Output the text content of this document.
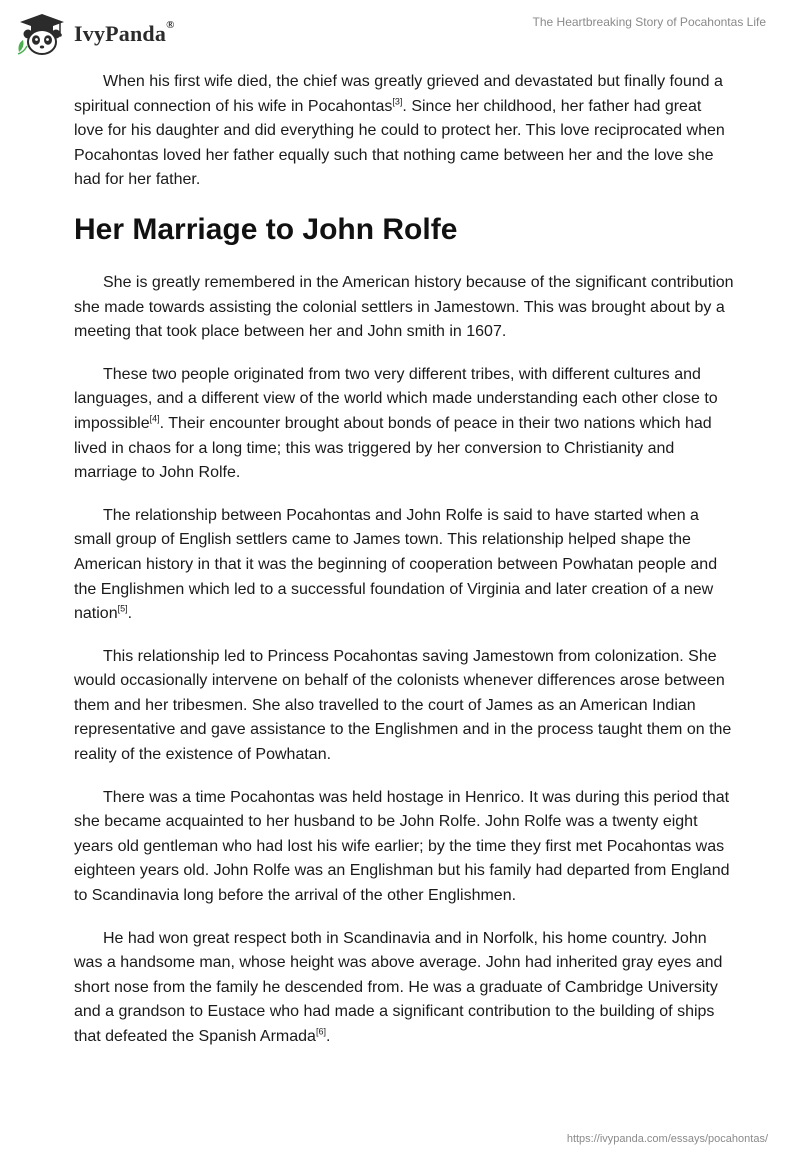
IvyPanda®	The Heartbreaking Story of Pocahontas Life

When his first wife died, the chief was greatly grieved and devastated but finally found a spiritual connection of his wife in Pocahontas[3]. Since her childhood, her father had great love for his daughter and did everything he could to protect her. This love reciprocated when Pocahontas loved her father equally such that nothing came between her and the love she had for her father.

Her Marriage to John Rolfe

She is greatly remembered in the American history because of the significant contribution she made towards assisting the colonial settlers in Jamestown. This was brought about by a meeting that took place between her and John smith in 1607.

These two people originated from two very different tribes, with different cultures and languages, and a different view of the world which made understanding each other close to impossible[4]. Their encounter brought about bonds of peace in their two nations which had lived in chaos for a long time; this was triggered by her conversion to Christianity and marriage to John Rolfe.

The relationship between Pocahontas and John Rolfe is said to have started when a small group of English settlers came to James town. This relationship helped shape the American history in that it was the beginning of cooperation between Powhatan people and the Englishmen which led to a successful foundation of Virginia and later creation of a new nation[5].

This relationship led to Princess Pocahontas saving Jamestown from colonization. She would occasionally intervene on behalf of the colonists whenever differences arose between them and her tribesmen. She also travelled to the court of James as an American Indian representative and gave assistance to the Englishmen and in the process taught them on the reality of the existence of Powhatan.

There was a time Pocahontas was held hostage in Henrico. It was during this period that she became acquainted to her husband to be John Rolfe. John Rolfe was a twenty eight years old gentleman who had lost his wife earlier; by the time they first met Pocahontas was eighteen years old. John Rolfe was an Englishman but his family had departed from England to Scandinavia long before the arrival of the other Englishmen.

He had won great respect both in Scandinavia and in Norfolk, his home country. John was a handsome man, whose height was above average. John had inherited gray eyes and short nose from the family he descended from. He was a graduate of Cambridge University and a grandson to Eustace who had made a significant contribution to the building of ships that defeated the Spanish Armada[6].

https://ivypanda.com/essays/pocahontas/
